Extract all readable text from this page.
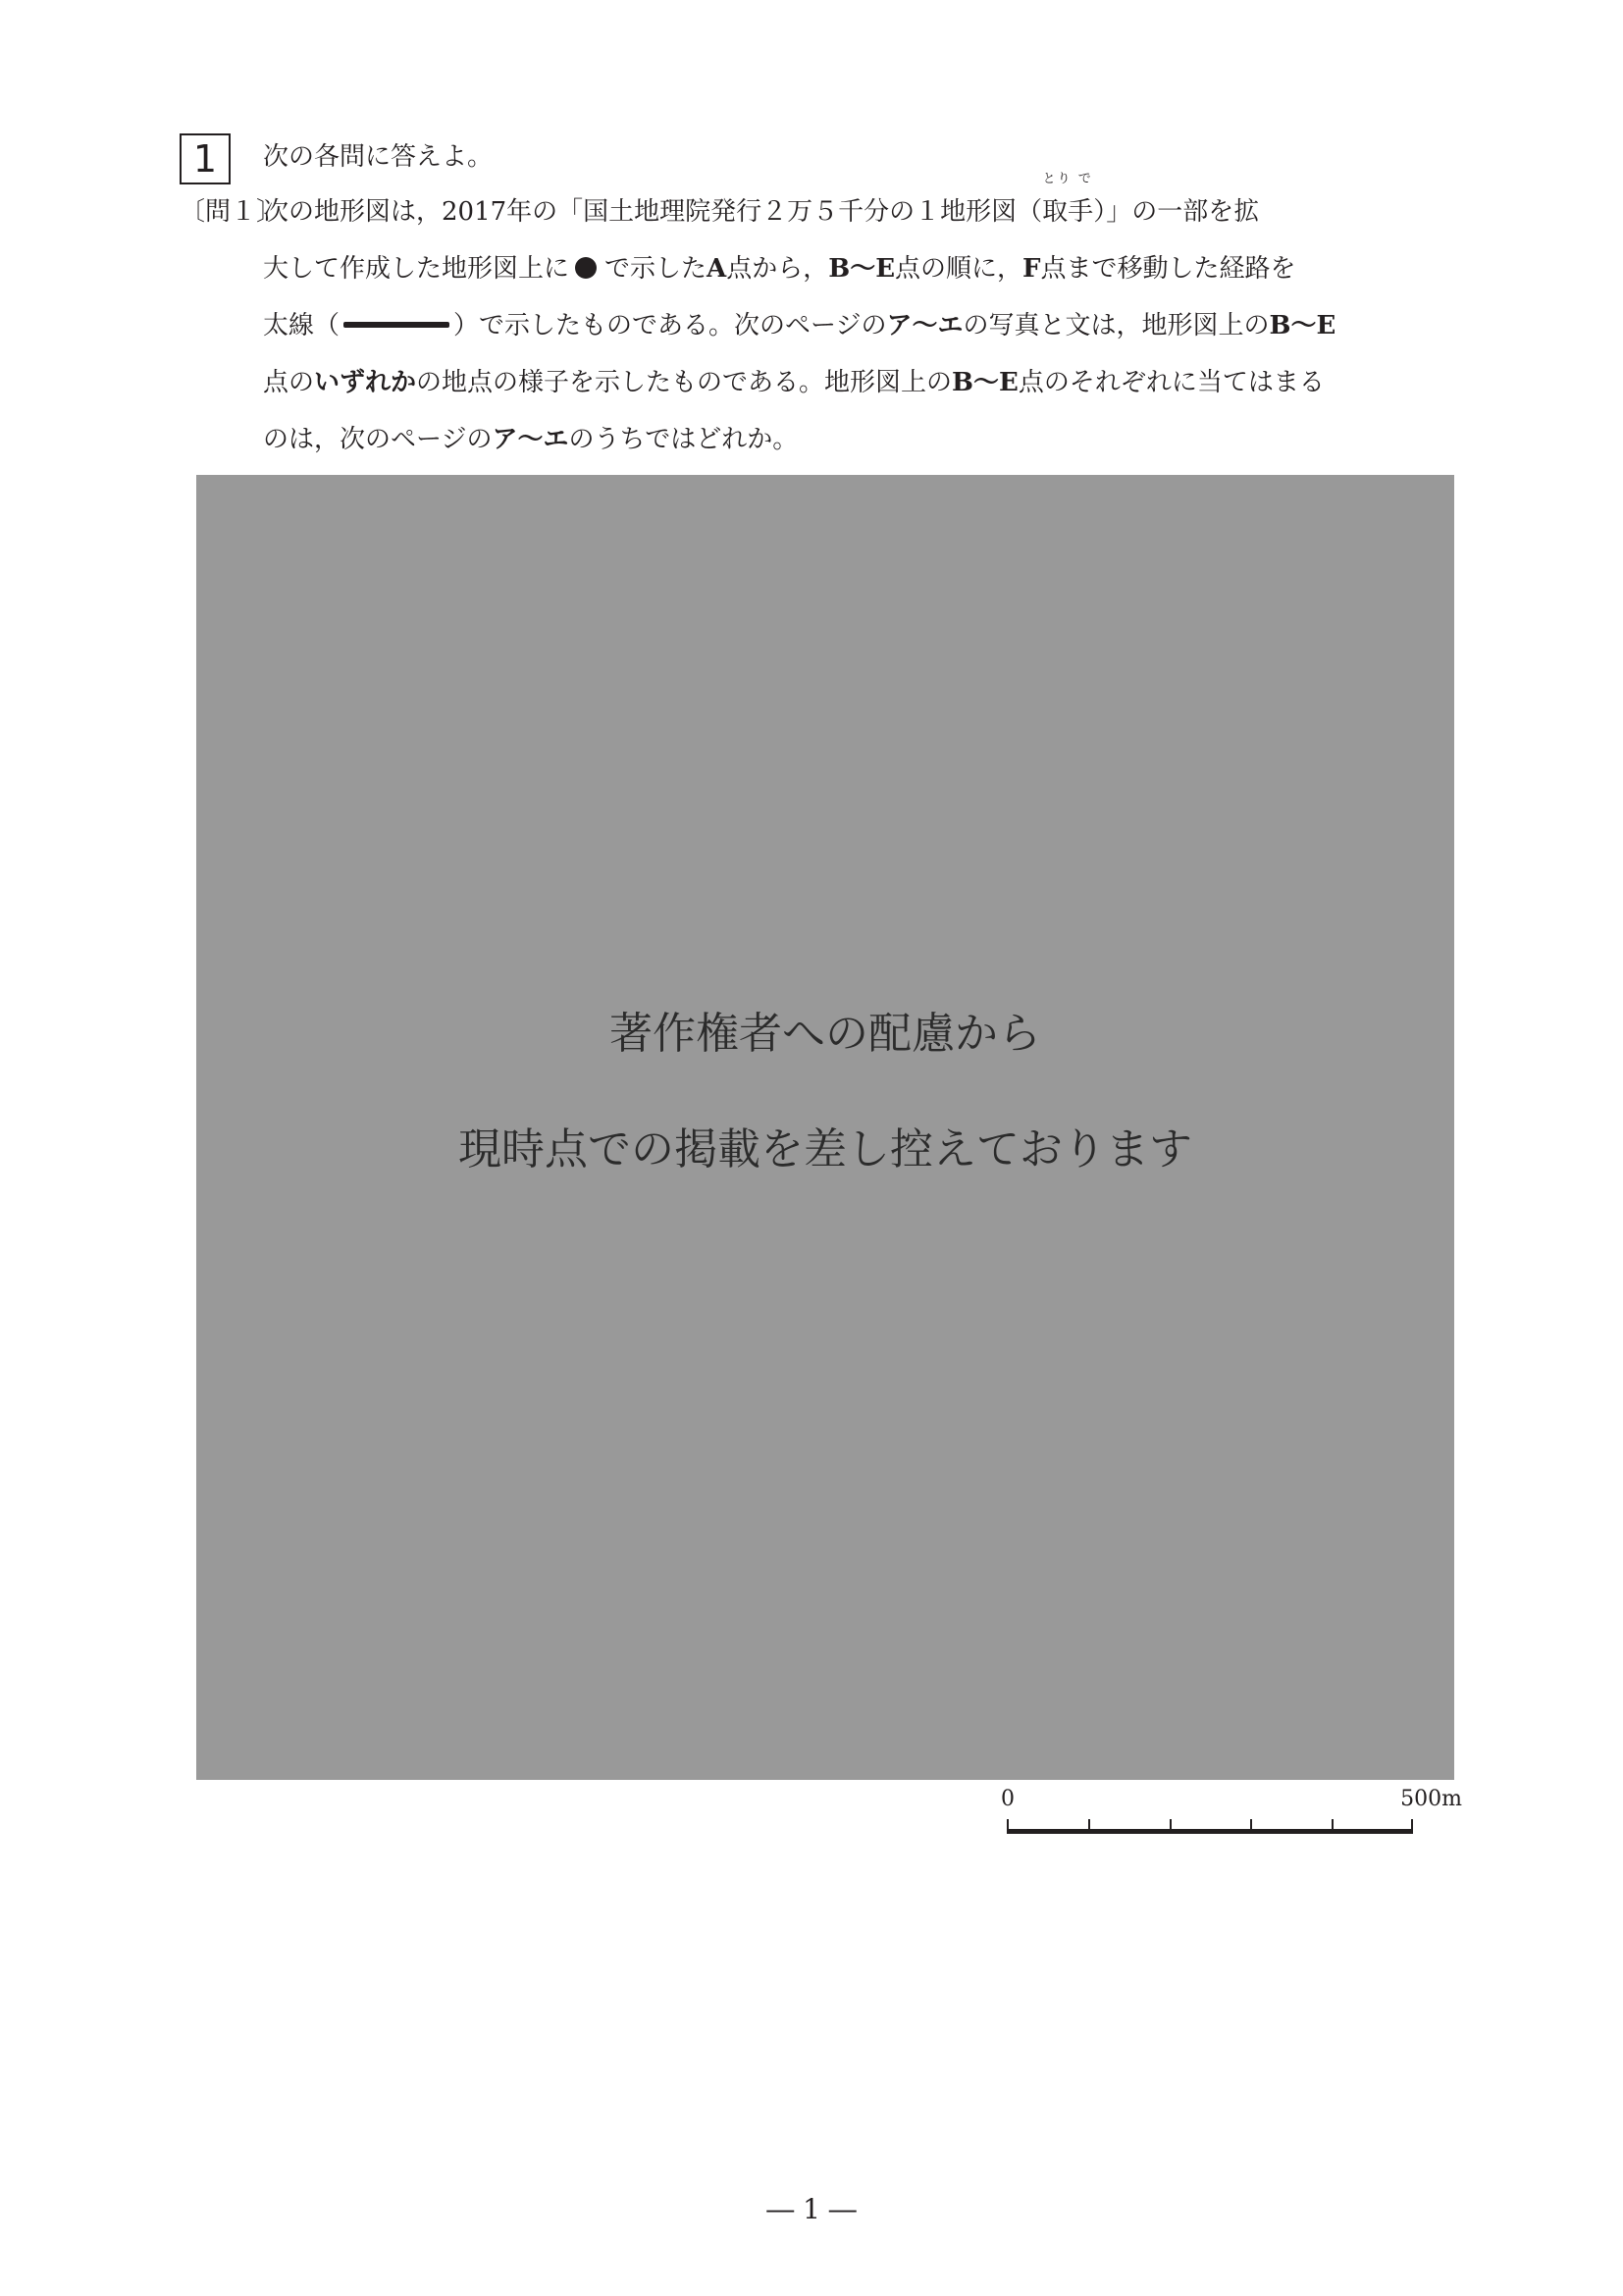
1	次の各問に答えよ。
〔問１〕
次の地形図は，2017年の「国土地理院発行２万５千分の１地形図（
とり で
取手）」の一部を拡
大して作成した地形図上に で示したA点から，B〜E点の順に，F点まで移動した経路を
太線（	）で示したものである。次のページのア〜エの写真と文は，地形図上のB〜E
点のいずれかの地点の様子を示したものである。地形図上のB〜E点のそれぞれに当てはまる
のは，次のページのア〜エのうちではどれか。
著作権者への配慮から
現時点での掲載を差し控えております
0	500m
― 1 ―
